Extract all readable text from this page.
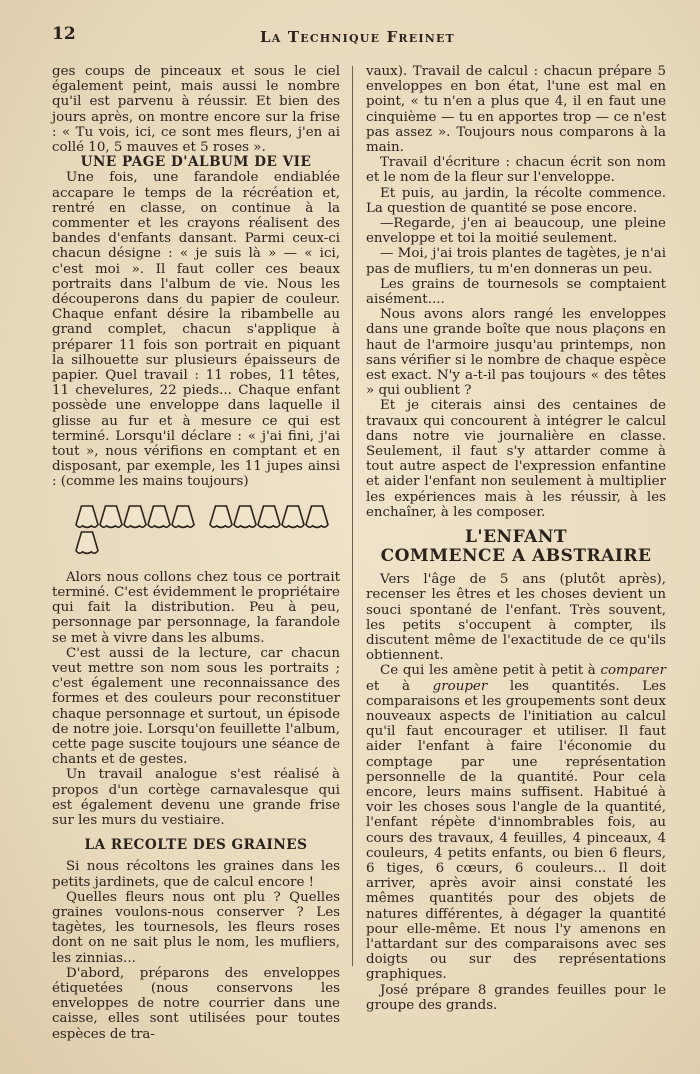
12	La Technique Freinet

ges coups de pinceaux et sous le ciel également peint, mais aussi le nombre qu'il est parvenu à réussir. Et bien des jours après, on montre encore sur la frise : « Tu vois, ici, ce sont mes fleurs, j'en ai collé 10, 5 mauves et 5 roses ».

UNE PAGE D'ALBUM DE VIE

Une fois, une farandole endiablée accapare le temps de la récréation et, rentré en classe, on continue à la commenter et les crayons réalisent des bandes d'enfants dansant. Parmi ceux-ci chacun désigne : « je suis là » — « ici, c'est moi ». Il faut coller ces beaux portraits dans l'album de vie. Nous les découperons dans du papier de couleur. Chaque enfant désire la ribambelle au grand complet, chacun s'applique à préparer 11 fois son portrait en piquant la silhouette sur plusieurs épaisseurs de papier. Quel travail : 11 robes, 11 têtes, 11 chevelures, 22 pieds... Chaque enfant possède une enveloppe dans laquelle il glisse au fur et à mesure ce qui est terminé. Lorsqu'il déclare : « j'ai fini, j'ai tout », nous vérifions en comptant et en disposant, par exemple, les 11 jupes ainsi : (comme les mains toujours)

Alors nous collons chez tous ce portrait terminé. C'est évidemment le propriétaire qui fait la distribution. Peu à peu, personnage par personnage, la farandole se met à vivre dans les albums.

C'est aussi de la lecture, car chacun veut mettre son nom sous les portraits ; c'est également une reconnaissance des formes et des couleurs pour reconstituer chaque personnage et surtout, un épisode de notre joie. Lorsqu'on feuillette l'album, cette page suscite toujours une séance de chants et de gestes.

Un travail analogue s'est réalisé à propos d'un cortège carnavalesque qui est également devenu une grande frise sur les murs du vestiaire.

LA RECOLTE DES GRAINES

Si nous récoltons les graines dans les petits jardinets, que de calcul encore !

Quelles fleurs nous ont plu ? Quelles graines voulons-nous conserver ? Les tagètes, les tournesols, les fleurs roses dont on ne sait plus le nom, les mufliers, les zinnias...

D'abord, préparons des enveloppes étiquetées (nous conservons les enveloppes de notre courrier dans une caisse, elles sont utilisées pour toutes espèces de tra-

vaux). Travail de calcul : chacun prépare 5 enveloppes en bon état, l'une est mal en point, « tu n'en a plus que 4, il en faut une cinquième — tu en apportes trop — ce n'est pas assez ». Toujours nous comparons à la main.

Travail d'écriture : chacun écrit son nom et le nom de la fleur sur l'enveloppe.

Et puis, au jardin, la récolte commence. La question de quantité se pose encore.

—Regarde, j'en ai beaucoup, une pleine enveloppe et toi la moitié seulement.

— Moi, j'ai trois plantes de tagètes, je n'ai pas de mufliers, tu m'en donneras un peu.

Les grains de tournesols se comptaient aisément....

Nous avons alors rangé les enveloppes dans une grande boîte que nous plaçons en haut de l'armoire jusqu'au printemps, non sans vérifier si le nombre de chaque espèce est exact. N'y a-t-il pas toujours « des têtes » qui oublient ?

Et je citerais ainsi des centaines de travaux qui concourent à intégrer le calcul dans notre vie journalière en classe. Seulement, il faut s'y attarder comme à tout autre aspect de l'expression enfantine et aider l'enfant non seulement à multiplier les expériences mais à les réussir, à les enchaîner, à les composer.

L'ENFANT
COMMENCE A ABSTRAIRE

Vers l'âge de 5 ans (plutôt après), recenser les êtres et les choses devient un souci spontané de l'enfant. Très souvent, les petits s'occupent à compter, ils discutent même de l'exactitude de ce qu'ils obtiennent.

Ce qui les amène petit à petit à comparer et à grouper les quantités. Les comparaisons et les groupements sont deux nouveaux aspects de l'initiation au calcul qu'il faut encourager et utiliser. Il faut aider l'enfant à faire l'économie du comptage par une représentation personnelle de la quantité. Pour cela encore, leurs mains suffisent. Habitué à voir les choses sous l'angle de la quantité, l'enfant répète d'innombrables fois, au cours des travaux, 4 feuilles, 4 pinceaux, 4 couleurs, 4 petits enfants, ou bien 6 fleurs, 6 tiges, 6 cœurs, 6 couleurs... Il doit arriver, après avoir ainsi constaté les mêmes quantités pour des objets de natures différentes, à dégager la quantité pour elle-même. Et nous l'y amenons en l'attardant sur des comparaisons avec ses doigts ou sur des représentations graphiques.

José prépare 8 grandes feuilles pour le groupe des grands.
